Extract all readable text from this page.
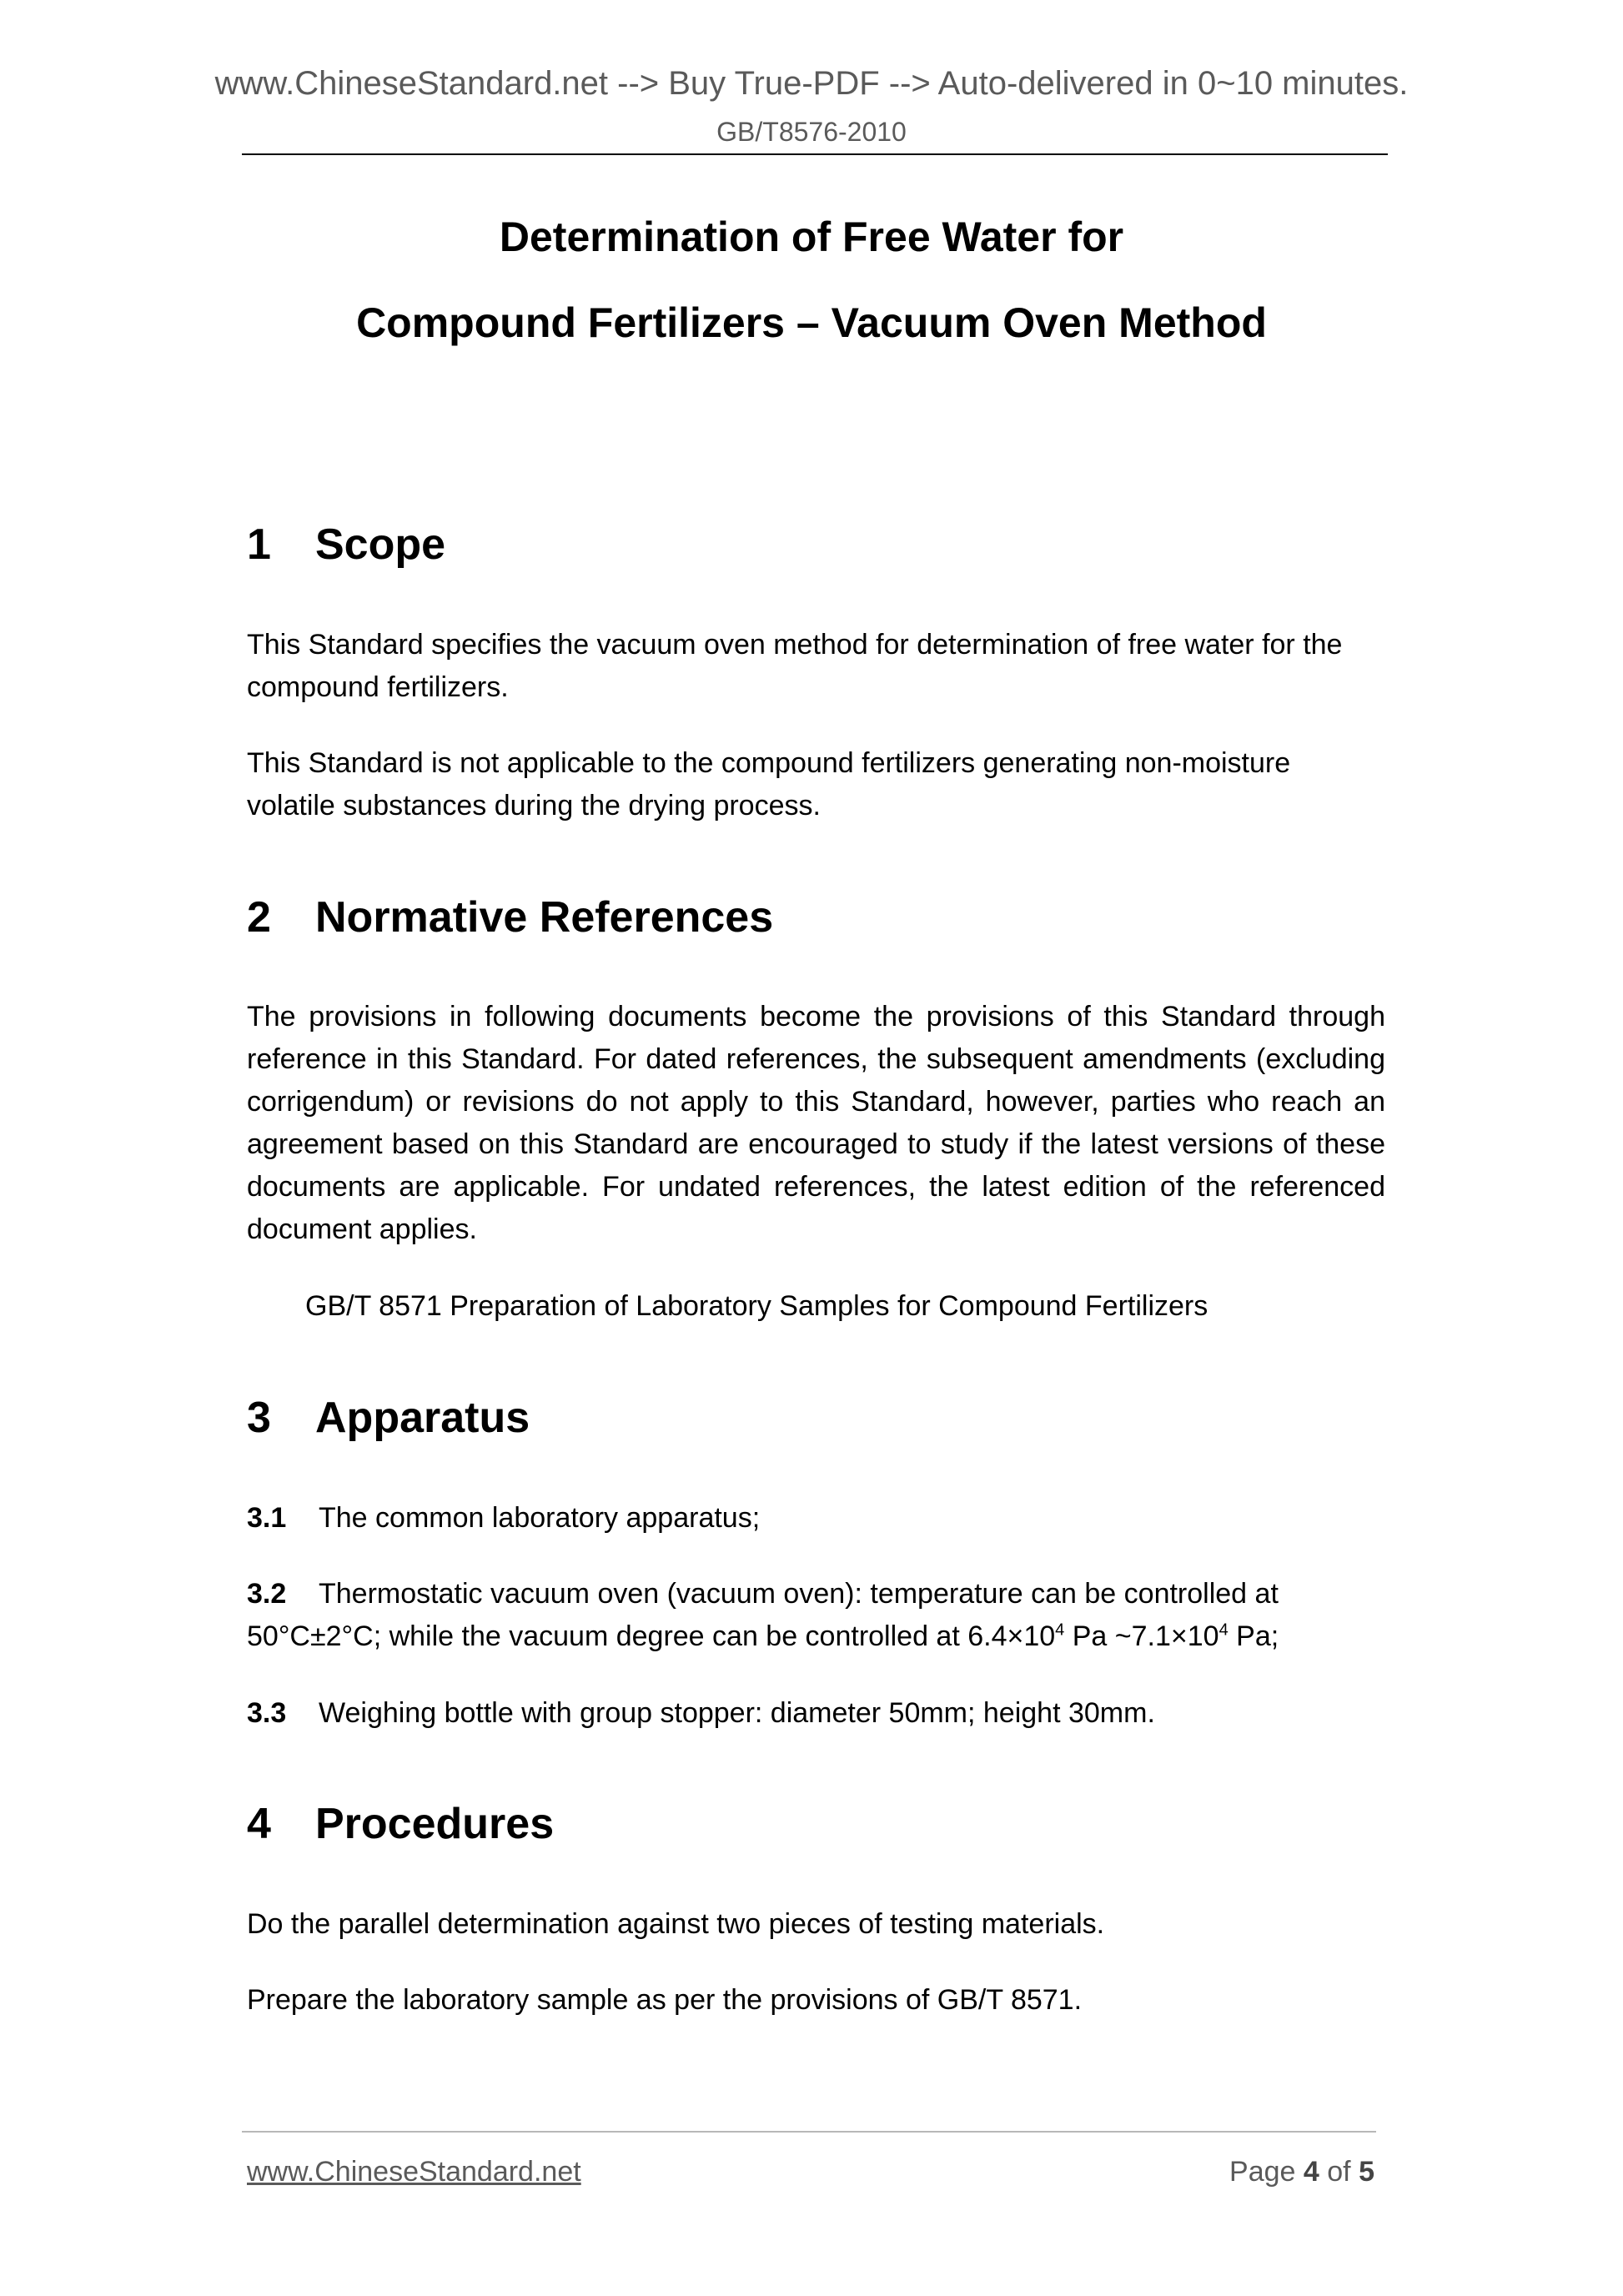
www.ChineseStandard.net --> Buy True-PDF --> Auto-delivered in 0~10 minutes.
GB/T8576-2010
Determination of Free Water for
Compound Fertilizers – Vacuum Oven Method
1 Scope
This Standard specifies the vacuum oven method for determination of free water for the compound fertilizers.
This Standard is not applicable to the compound fertilizers generating non-moisture volatile substances during the drying process.
2 Normative References
The provisions in following documents become the provisions of this Standard through reference in this Standard. For dated references, the subsequent amendments (excluding corrigendum) or revisions do not apply to this Standard, however, parties who reach an agreement based on this Standard are encouraged to study if the latest versions of these documents are applicable. For undated references, the latest edition of the referenced document applies.
GB/T 8571 Preparation of Laboratory Samples for Compound Fertilizers
3 Apparatus
3.1 The common laboratory apparatus;
3.2 Thermostatic vacuum oven (vacuum oven): temperature can be controlled at
50°C±2°C; while the vacuum degree can be controlled at $6.4\times 10^4$ Pa $\sim 7.1\times 10^4$ Pa;
3.3 Weighing bottle with group stopper: diameter 50mm; height 30mm.
4 Procedures
Do the parallel determination against two pieces of testing materials.
Prepare the laboratory sample as per the provisions of GB/T 8571.
www.ChineseStandard.net	Page 4 of 5
